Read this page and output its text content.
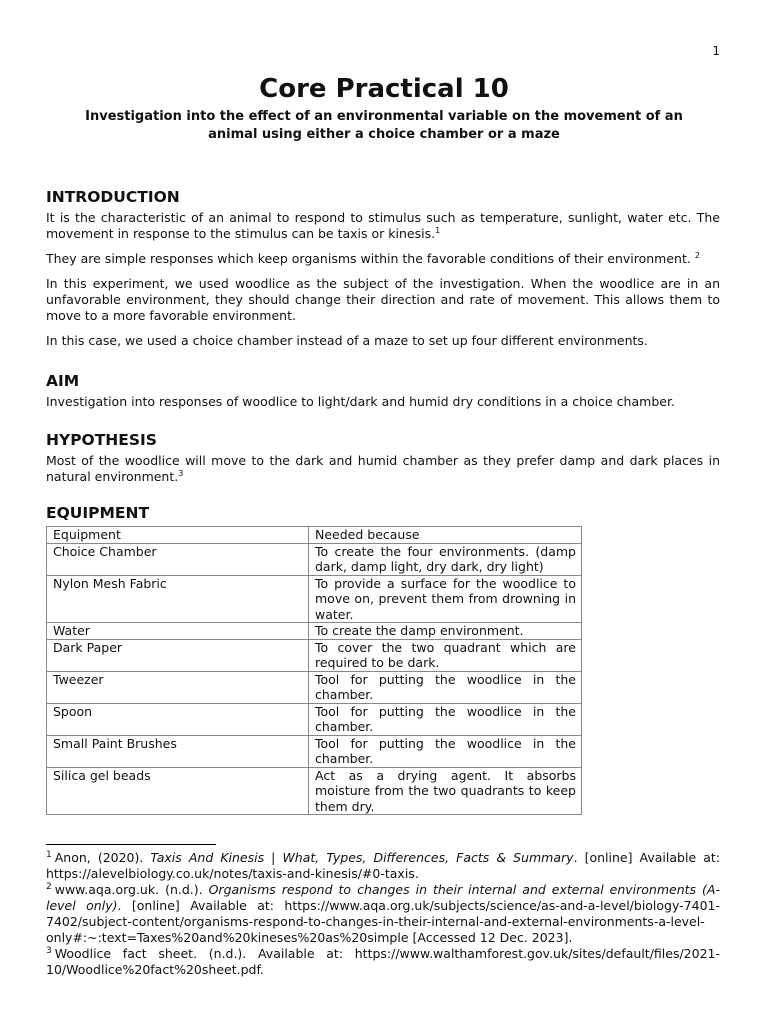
1
Core Practical 10
Investigation into the effect of an environmental variable on the movement of an animal using either a choice chamber or a maze
INTRODUCTION

It is the characteristic of an animal to respond to stimulus such as temperature, sunlight, water etc. The movement in response to the stimulus can be taxis or kinesis.$^1$

They are simple responses which keep organisms within the favorable conditions of their environment. $^2$

In this experiment, we used woodlice as the subject of the investigation. When the woodlice are in an unfavorable environment, they should change their direction and rate of movement. This allows them to move to a more favorable environment.

In this case, we used a choice chamber instead of a maze to set up four different environments.

AIM

Investigation into responses of woodlice to light/dark and humid dry conditions in a choice chamber.

HYPOTHESIS

Most of the woodlice will move to the dark and humid chamber as they prefer damp and dark places in natural environment.$^3$

EQUIPMENT
Equipment	Needed because
Choice Chamber	To create the four environments. (damp dark, damp light, dry dark, dry light)
Nylon Mesh Fabric	To provide a surface for the woodlice to move on, prevent them from drowning in water.
Water	To create the damp environment.
Dark Paper	To cover the two quadrant which are required to be dark.
Tweezer	Tool for putting the woodlice in the chamber.
Spoon	Tool for putting the woodlice in the chamber.
Small Paint Brushes	Tool for putting the woodlice in the chamber.
Silica gel beads	Act as a drying agent. It absorbs moisture from the two quadrants to keep them dry.

$^1$ Anon, (2020). Taxis And Kinesis | What, Types, Differences, Facts & Summary. [online] Available at: https://alevelbiology.co.uk/notes/taxis-and-kinesis/#0-taxis.

$^2$ www.aqa.org.uk. (n.d.). Organisms respond to changes in their internal and external environments (A-level only). [online] Available at: https://www.aqa.org.uk/subjects/science/as-and-a-level/biology-7401-7402/subject-content/organisms-respond-to-changes-in-their-internal-and-external-environments-a-level-only#:~:text=Taxes%20and%20kineses%20as%20simple [Accessed 12 Dec. 2023].

$^3$ Woodlice fact sheet. (n.d.). Available at: https://www.walthamforest.gov.uk/sites/default/files/2021-10/Woodlice%20fact%20sheet.pdf.
